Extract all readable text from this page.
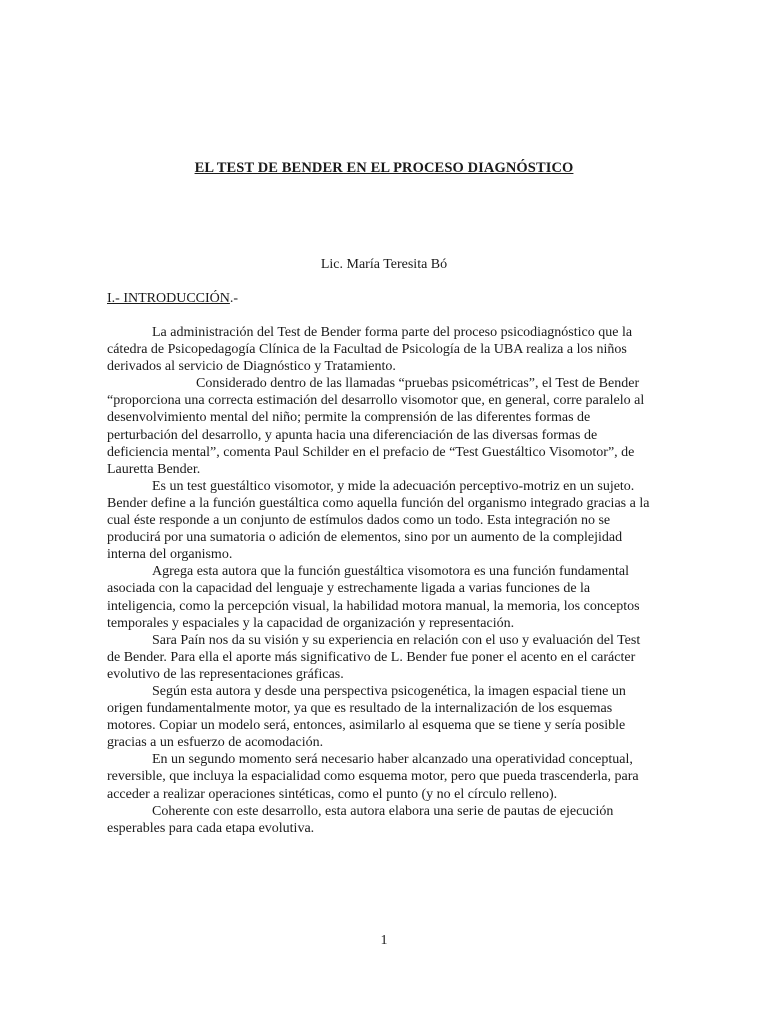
EL TEST DE BENDER EN EL PROCESO DIAGNÓSTICO
Lic. María Teresita Bó
I.- INTRODUCCIÓN.-

La administración del Test de Bender forma parte del proceso psicodiagnóstico que la cátedra de Psicopedagogía Clínica de la Facultad de Psicología de la UBA realiza a los niños derivados al servicio de Diagnóstico y Tratamiento.

Considerado dentro de las llamadas “pruebas psicométricas”, el Test de Bender “proporciona una correcta estimación del desarrollo visomotor que, en general, corre paralelo al desenvolvimiento mental del niño; permite la comprensión de las diferentes formas de perturbación del desarrollo, y apunta hacia una diferenciación de las diversas formas de deficiencia mental”, comenta Paul Schilder en el prefacio de “Test Guestáltico Visomotor”, de Lauretta Bender.

Es un test guestáltico visomotor, y mide la adecuación perceptivo-motriz en un sujeto. Bender define a la función guestáltica como aquella función del organismo integrado gracias a la cual éste responde a un conjunto de estímulos dados como un todo. Esta integración no se producirá por una sumatoria o adición de elementos, sino por un aumento de la complejidad interna del organismo.

Agrega esta autora que la función guestáltica visomotora es una función fundamental asociada con la capacidad del lenguaje y estrechamente ligada a varias funciones de la inteligencia, como la percepción visual, la habilidad motora manual, la memoria, los conceptos temporales y espaciales y la capacidad de organización y representación.

Sara Paín nos da su visión y su experiencia en relación con el uso y evaluación del Test de Bender. Para ella el aporte más significativo de L. Bender fue poner el acento en el carácter evolutivo de las representaciones gráficas.

Según esta autora y desde una perspectiva psicogenética, la imagen espacial tiene un origen fundamentalmente motor, ya que es resultado de la internalización de los esquemas motores. Copiar un modelo será, entonces, asimilarlo al esquema que se tiene y sería posible gracias a un esfuerzo de acomodación.

En un segundo momento será necesario haber alcanzado una operatividad conceptual, reversible, que incluya la espacialidad como esquema motor, pero que pueda trascenderla, para acceder a realizar operaciones sintéticas, como el punto (y no el círculo relleno).

Coherente con este desarrollo, esta autora elabora una serie de pautas de ejecución esperables para cada etapa evolutiva.

1
